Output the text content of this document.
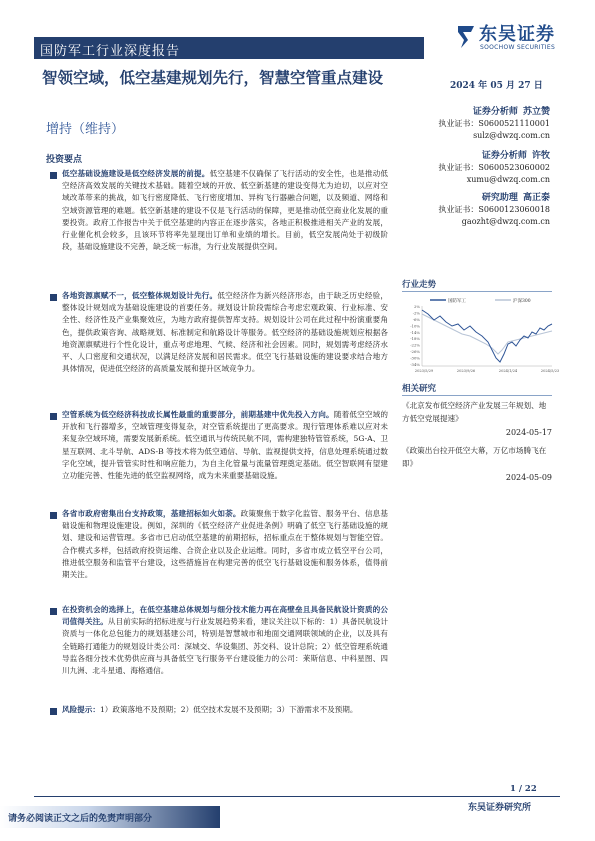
国防军工行业深度报告
东吴证券
SOOCHOW SECURITIES
智领空域，低空基建规划先行，智慧空管重点建设
增持（维持）
投资要点
低空基础设施建设是低空经济发展的前提。低空基建不仅确保了飞行活动的安全性，也是推动低空经济高效发展的关键技术基础。随着空域的开放、低空新基建的建设变得尤为迫切，以应对空域改革带来的挑战，如飞行密度降低、飞行密度增加、异构飞行器融合问题，以及频道、网络和空域资源管理的难题。低空新基建的建设不仅是飞行活动的保障，更是推动低空商业化发展的重要投资。政府工作报告中关于低空基建的内容正在逐步落实，各地正积极推进相关产业的发展，行业催化机会较多，且该环节将率先显现出订单和业绩的增长。目前，低空发展尚处于初级阶段，基础设施建设不完善，缺乏统一标准，为行业发展提供空间。
各地资源禀赋不一，低空整体规划设计先行。低空经济作为新兴经济形态，由于缺乏历史经验，整体设计规划成为基础设施建设的首要任务。规划设计阶段需综合考虑宏观政策、行业标准、安全性、经济性及产业集聚效应，为地方政府提供智库支持。规划设计公司在此过程中扮演重要角色，提供政策咨询、战略规划、标准制定和航路设计等服务。低空经济的基础设施规划应根据各地资源禀赋进行个性化设计，重点考虑地理、气候、经济和社会因素。同时，规划需考虑经济水平、人口密度和交通状况，以满足经济发展和居民需求。低空飞行基础设施的建设要求结合地方具体情况，促进低空经济的高质量发展和提升区域竞争力。
空管系统为低空经济科技成长属性最重的重要部分，前期基建中优先投入方向。随着低空空域的开放和飞行器增多，空域管理变得复杂，对空管系统提出了更高要求。现行管理体系难以应对未来复杂空域环境，需要发展新系统。低空通讯与传统民航不同，需构建独特管管系统，5G-A、卫星互联网、北斗导航、ADS-B 等技术将为低空通信、导航、监视提供支持，信息处理系统通过数字化空域，提升管管实时性和响应能力，为自主化管量与流量管理奠定基础。低空智联网有望建立功能完善、性能先进的低空监视网络，成为未来重要基础设施。
各省市政府密集出台支持政策，基建招标如火如荼。政策聚焦于数字化监管、服务平台、信息基础设施和物理设施建设。例如，深圳的《低空经济产业促进条例》明确了低空飞行基础设施的规划、建设和运营管理。多省市已启动低空基建的前期招标，招标重点在于整体规划与智能空管。合作模式多样，包括政府投资运维、合资企业以及企业运维。同时，多省市成立低空平台公司，推进低空服务和监管平台建设，这些措施旨在构建完善的低空飞行基础设施和服务体系，值得前期关注。
在投资机会的选择上，在低空基建总体规划与细分技术能力再在高壁垒且具备民航设计资质的公司值得关注。从目前实际的招标进度与行业发展趋势来看，建议关注以下标的：1）具备民航设计资质与一体化总包能力的规划基建公司，特别是智慧城市和地面交通网联领域的企业，以及具有全链路打通能力的规划设计类公司：深城交、华设集团、苏交科、设计总院；2）低空管理系统通导监各细分技术优势供应商与具备低空飞行服务平台建设能力的公司：莱斯信息、中科星图、四川九洲、北斗星通、海格通信。
风险提示：1）政策落地不及预期；2）低空技术发展不及预期；3）下游需求不及预期。
2024 年 05 月 27 日
证券分析师 苏立赞
执业证书：S0600521110001
sulz@dwzq.com.cn
证券分析师 许牧
执业证书：S0600523060002
xumu@dwzq.com.cn
研究助理 高正泰
执业证书：S0600123060018
gaozht@dwzq.com.cn
行业走势
国防军工	沪深300
2%
-2%
-6%
-10%
-14%
-18%
-22%
-26%
-30%
-34%
2023/5/29	2023/9/26	2024/1/24	2024/5/23
相关研究
《北京发布低空经济产业发展三年规划、地方低空党展提速》
2024-05-17
《政策出台拉开低空大幕，万亿市场腾飞在即》
2024-05-09
1 / 22
东吴证券研究所
请务必阅读正文之后的免责声明部分
